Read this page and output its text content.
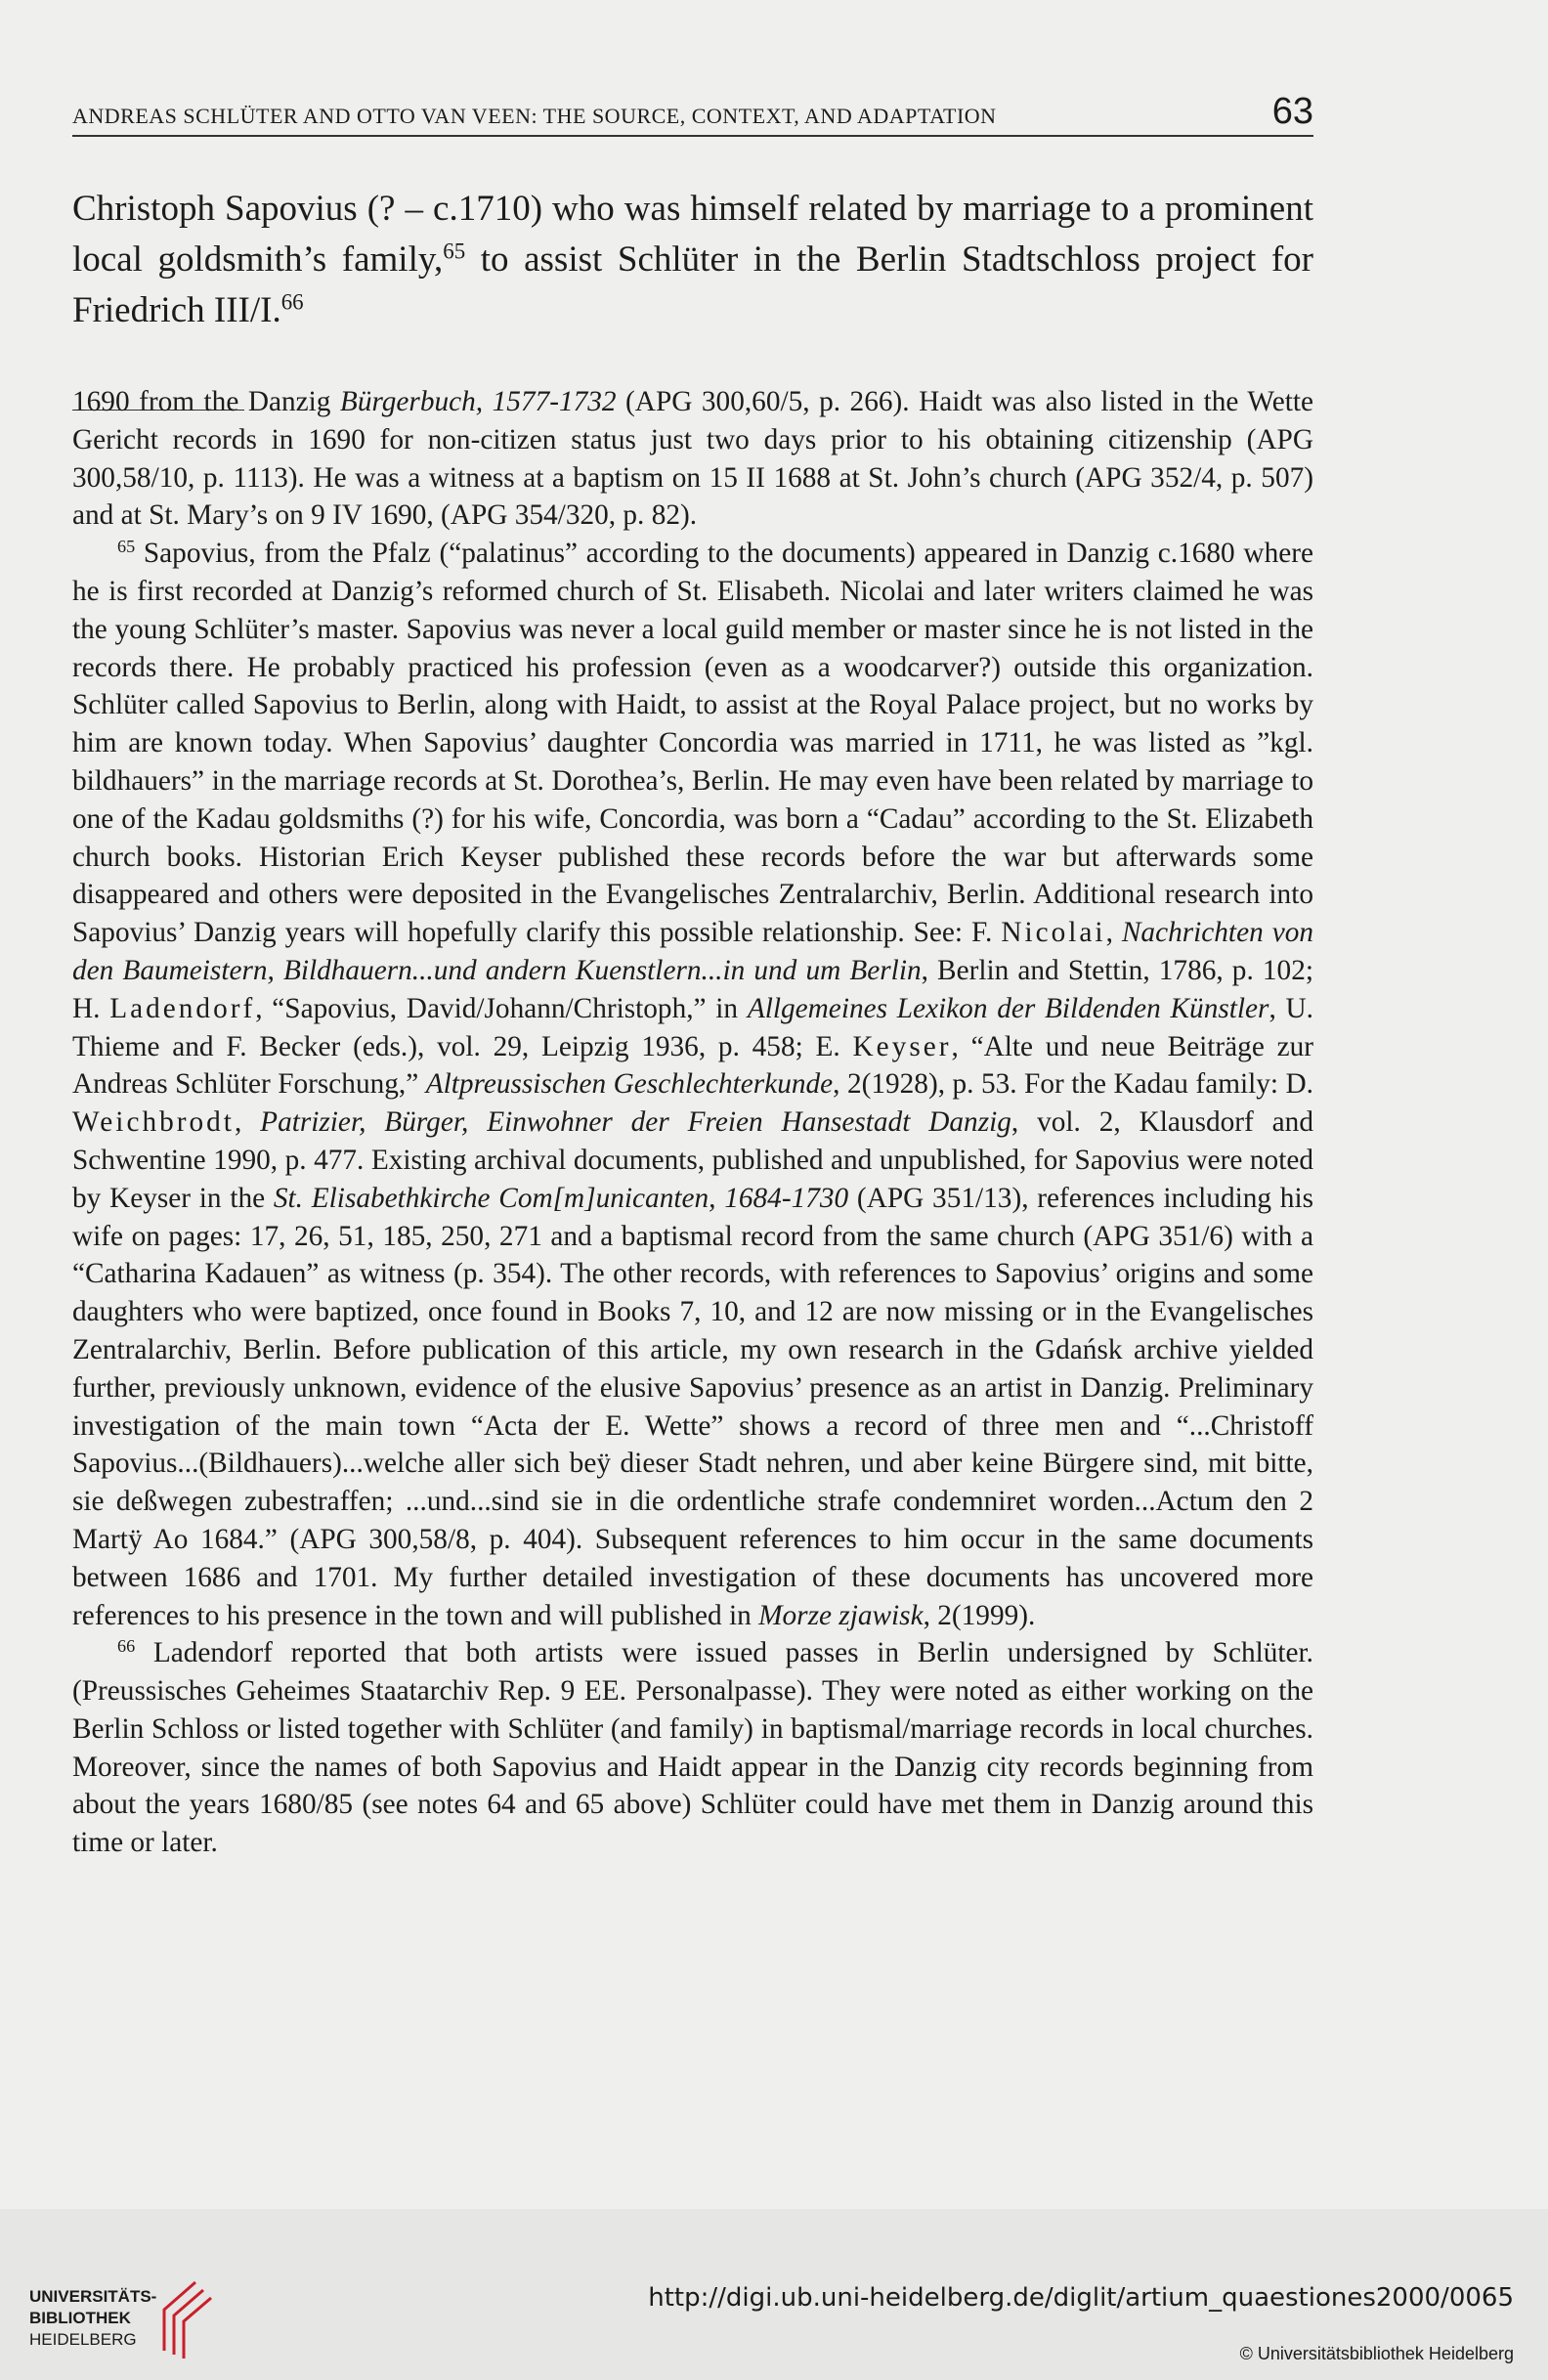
ANDREAS SCHLÜTER AND OTTO VAN VEEN: THE SOURCE, CONTEXT, AND ADAPTATION	63

Christoph Sapovius (? – c.1710) who was himself related by marriage to a prominent local goldsmith’s family,$^{65}$ to assist Schlüter in the Berlin Stadtschloss project for Friedrich III/I.$^{66}$

1690 from the Danzig Bürgerbuch, 1577-1732 (APG 300,60/5, p. 266). Haidt was also listed in the Wette Gericht records in 1690 for non-citizen status just two days prior to his obtaining citizenship (APG 300,58/10, p. 1113). He was a witness at a baptism on 15 II 1688 at St. John’s church (APG 352/4, p. 507) and at St. Mary’s on 9 IV 1690, (APG 354/320, p. 82).

$^{65}$ Sapovius, from the Pfalz (“palatinus” according to the documents) appeared in Danzig c.1680 where he is first recorded at Danzig’s reformed church of St. Elisabeth. Nicolai and later writers claimed he was the young Schlüter’s master. Sapovius was never a local guild member or master since he is not listed in the records there. He probably practiced his profession (even as a woodcarver?) outside this organization. Schlüter called Sapovius to Berlin, along with Haidt, to assist at the Royal Palace project, but no works by him are known today. When Sapovius’ daughter Concordia was married in 1711, he was listed as ”kgl. bildhauers” in the marriage records at St. Dorothea’s, Berlin. He may even have been related by marriage to one of the Kadau goldsmiths (?) for his wife, Concordia, was born a “Cadau” according to the St. Elizabeth church books. Historian Erich Keyser published these records before the war but afterwards some disappeared and others were deposited in the Evangelisches Zentralarchiv, Berlin. Additional research into Sapovius’ Danzig years will hopefully clarify this possible relationship. See: F. Nicolai, Nachrichten von den Baumeistern, Bildhauern...und andern Kuenstlern...in und um Berlin, Berlin and Stettin, 1786, p. 102; H. Ladendorf, “Sapovius, David/Johann/Christoph,” in Allgemeines Lexikon der Bildenden Künstler, U. Thieme and F. Becker (eds.), vol. 29, Leipzig 1936, p. 458; E. Keyser, “Alte und neue Beiträge zur Andreas Schlüter Forschung,” Altpreussischen Geschlechterkunde, 2(1928), p. 53. For the Kadau family: D. Weichbrodt, Patrizier, Bürger, Einwohner der Freien Hansestadt Danzig, vol. 2, Klausdorf and Schwentine 1990, p. 477. Existing archival documents, published and unpublished, for Sapovius were noted by Keyser in the St. Elisabethkirche Com[m]unicanten, 1684-1730 (APG 351/13), references including his wife on pages: 17, 26, 51, 185, 250, 271 and a baptismal record from the same church (APG 351/6) with a “Catharina Kadauen” as witness (p. 354). The other records, with references to Sapovius’ origins and some daughters who were baptized, once found in Books 7, 10, and 12 are now missing or in the Evangelisches Zentralarchiv, Berlin. Before publication of this article, my own research in the Gdańsk archive yielded further, previously unknown, evidence of the elusive Sapovius’ presence as an artist in Danzig. Preliminary investigation of the main town “Acta der E. Wette” shows a record of three men and “...Christoff Sapovius...(Bildhauers)...welche aller sich beÿ dieser Stadt nehren, und aber keine Bürgere sind, mit bitte, sie deßwegen zubestraffen; ...und...sind sie in die ordentliche strafe condemniret worden...Actum den 2 Martÿ Ao 1684.” (APG 300,58/8, p. 404). Subsequent references to him occur in the same documents between 1686 and 1701. My further detailed investigation of these documents has uncovered more references to his presence in the town and will published in Morze zjawisk, 2(1999).

$^{66}$ Ladendorf reported that both artists were issued passes in Berlin undersigned by Schlüter. (Preussisches Geheimes Staatarchiv Rep. 9 EE. Personalpasse). They were noted as either working on the Berlin Schloss or listed together with Schlüter (and family) in baptismal/marriage records in local churches. Moreover, since the names of both Sapovius and Haidt appear in the Danzig city records beginning from about the years 1680/85 (see notes 64 and 65 above) Schlüter could have met them in Danzig around this time or later.

UNIVERSITÄTS-
BIBLIOTHEK
HEIDELBERG
http://digi.ub.uni-heidelberg.de/diglit/artium_quaestiones2000/0065
© Universitätsbibliothek Heidelberg
